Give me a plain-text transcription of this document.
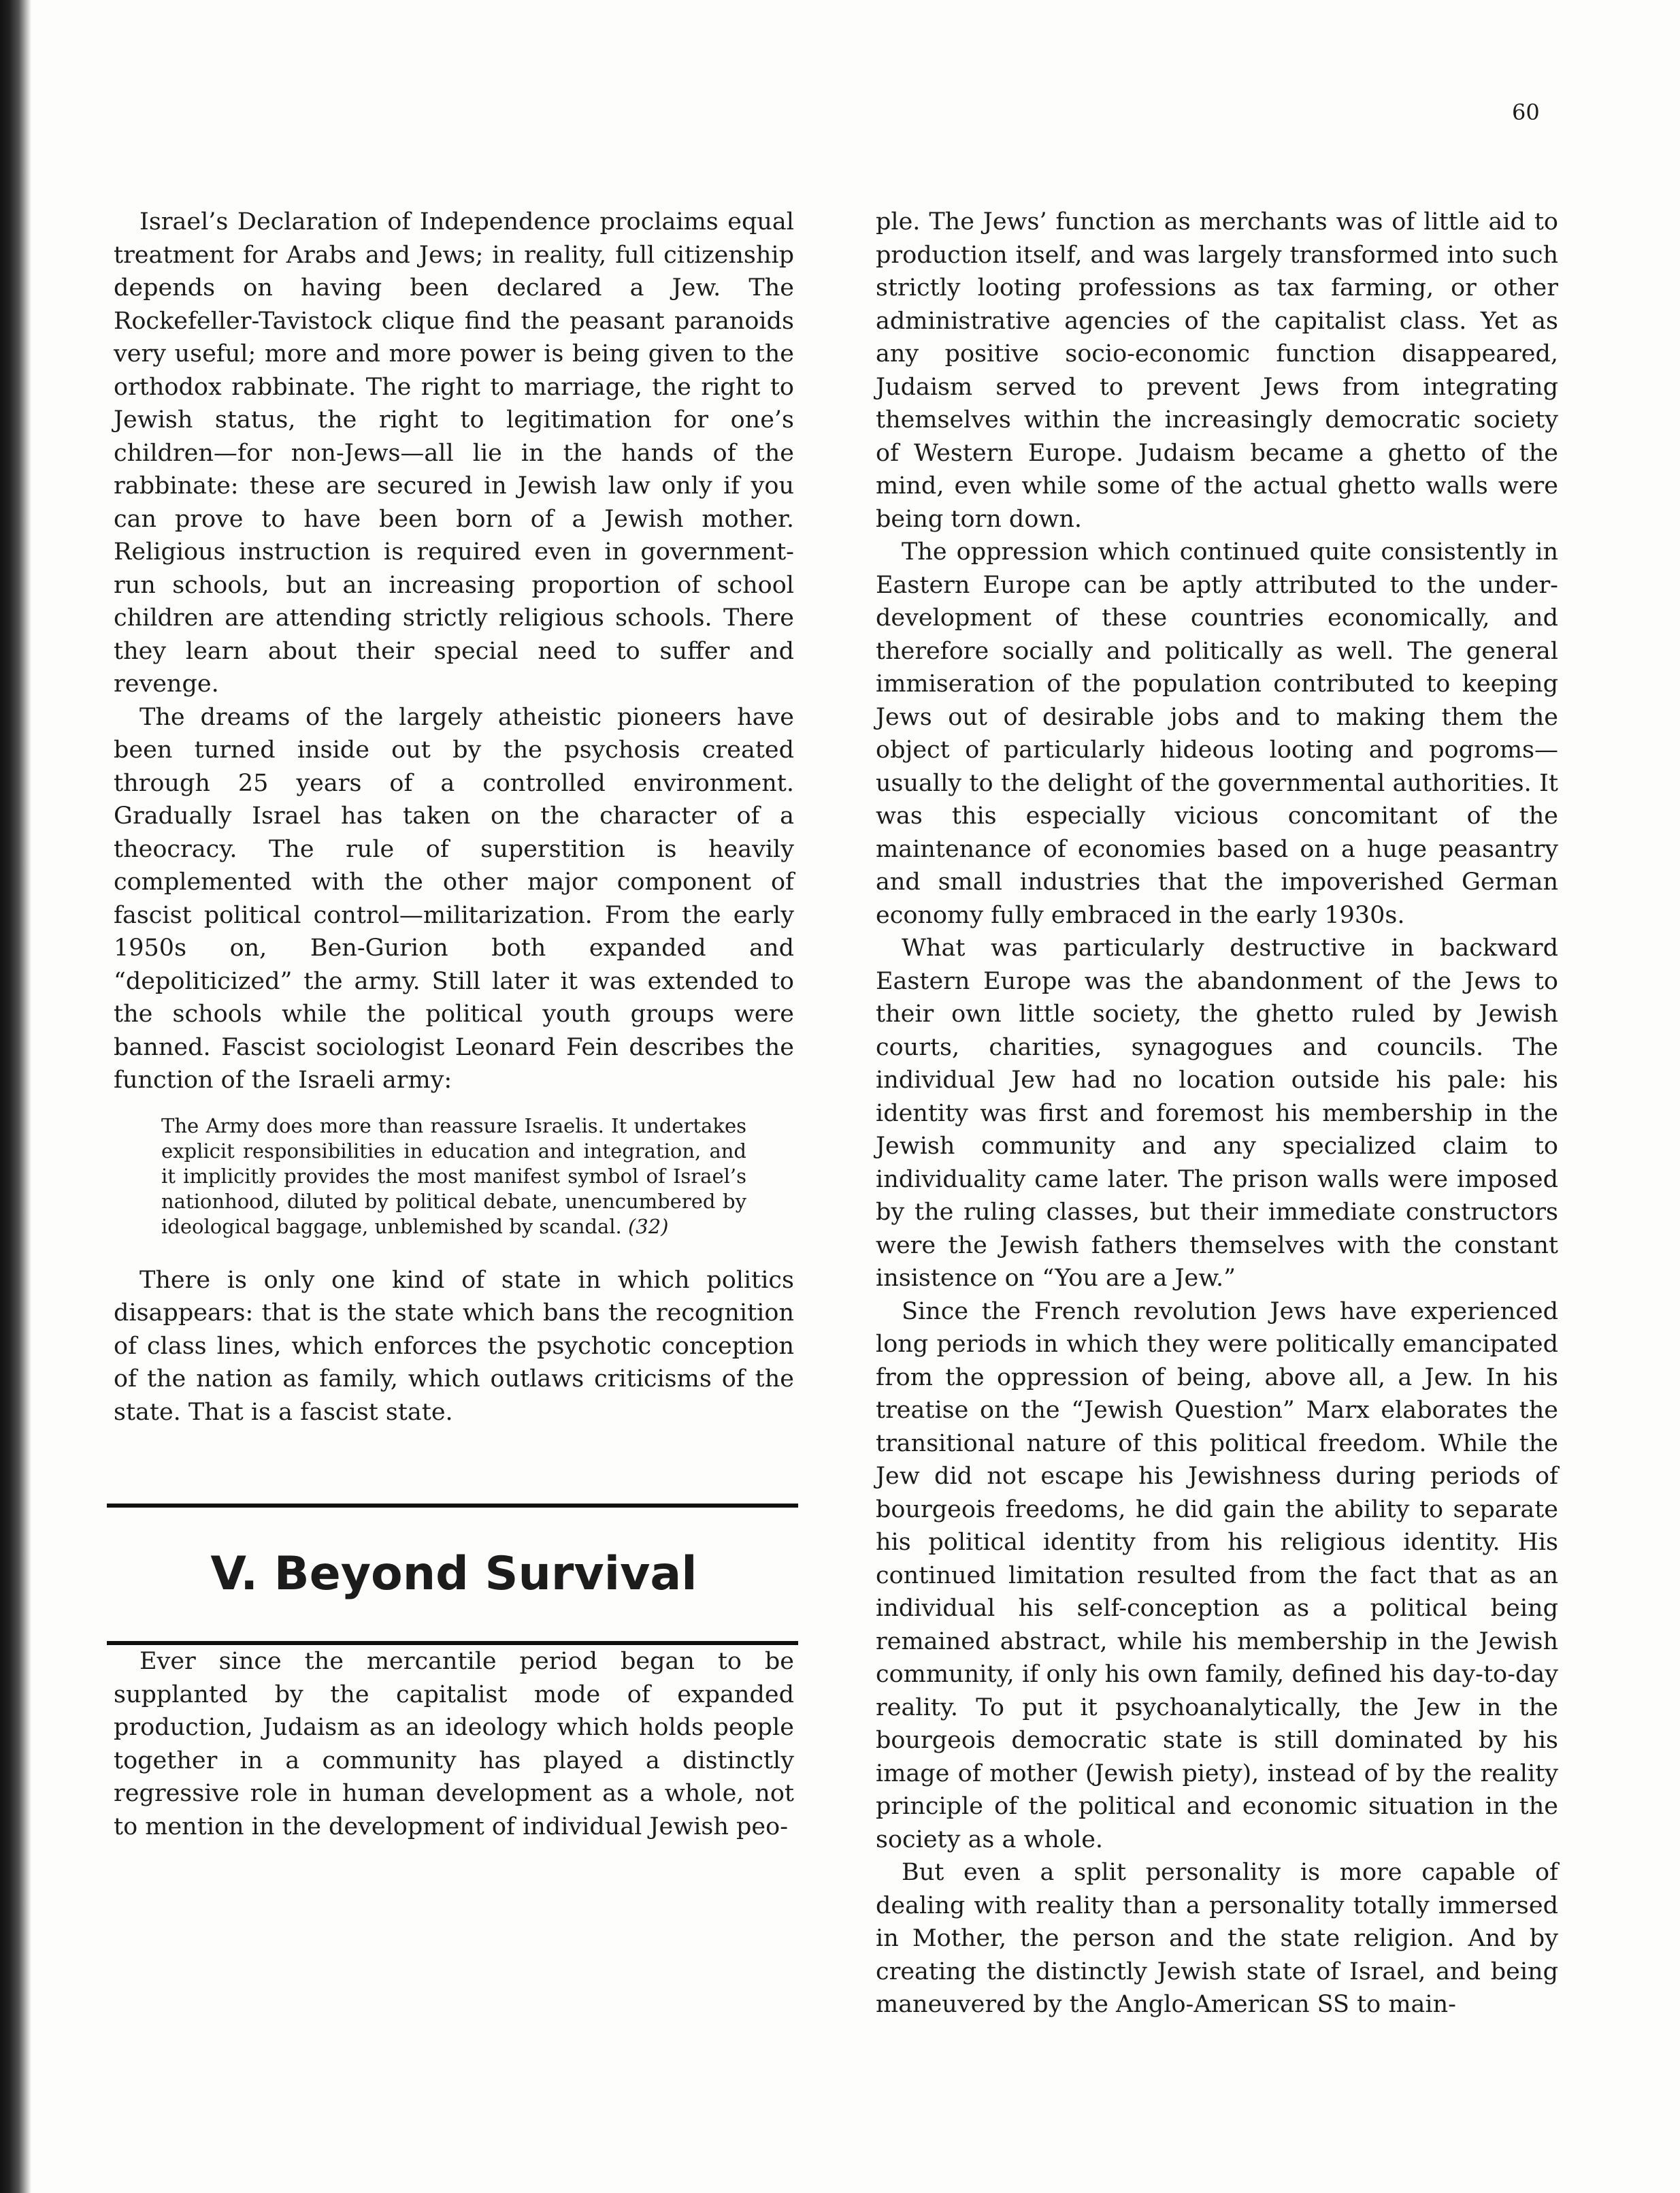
60

Israel’s Declaration of Independence proclaims equal treatment for Arabs and Jews; in reality, full citizenship depends on having been declared a Jew. The Rockefeller-Tavistock clique find the peasant paranoids very useful; more and more power is being given to the orthodox rabbinate. The right to marriage, the right to Jewish status, the right to legitimation for one’s children—for non-Jews—all lie in the hands of the rabbinate: these are secured in Jewish law only if you can prove to have been born of a Jewish mother. Religious instruction is required even in government-run schools, but an increasing proportion of school children are attending strictly religious schools. There they learn about their special need to suffer and revenge.

The dreams of the largely atheistic pioneers have been turned inside out by the psychosis created through 25 years of a controlled environment. Gradually Israel has taken on the character of a theocracy. The rule of superstition is heavily complemented with the other major component of fascist political control—militarization. From the early 1950s on, Ben-Gurion both expanded and “depoliticized” the army. Still later it was extended to the schools while the political youth groups were banned. Fascist sociologist Leonard Fein describes the function of the Israeli army:

The Army does more than reassure Israelis. It undertakes explicit responsibilities in education and integration, and it implicitly provides the most manifest symbol of Israel’s nationhood, diluted by political debate, unencumbered by ideological baggage, unblemished by scandal. (32)

There is only one kind of state in which politics disappears: that is the state which bans the recognition of class lines, which enforces the psychotic conception of the nation as family, which outlaws criticisms of the state. That is a fascist state.

V. Beyond Survival

Ever since the mercantile period began to be supplanted by the capitalist mode of expanded production, Judaism as an ideology which holds people together in a community has played a distinctly regressive role in human development as a whole, not to mention in the development of individual Jewish peo-

ple. The Jews’ function as merchants was of little aid to production itself, and was largely transformed into such strictly looting professions as tax farming, or other administrative agencies of the capitalist class. Yet as any positive socio-economic function disappeared, Judaism served to prevent Jews from integrating themselves within the increasingly democratic society of Western Europe. Judaism became a ghetto of the mind, even while some of the actual ghetto walls were being torn down.

The oppression which continued quite consistently in Eastern Europe can be aptly attributed to the under-development of these countries economically, and therefore socially and politically as well. The general immiseration of the population contributed to keeping Jews out of desirable jobs and to making them the object of particularly hideous looting and pogroms—usually to the delight of the governmental authorities. It was this especially vicious concomitant of the maintenance of economies based on a huge peasantry and small industries that the impoverished German economy fully embraced in the early 1930s.

What was particularly destructive in backward Eastern Europe was the abandonment of the Jews to their own little society, the ghetto ruled by Jewish courts, charities, synagogues and councils. The individual Jew had no location outside his pale: his identity was first and foremost his membership in the Jewish community and any specialized claim to individuality came later. The prison walls were imposed by the ruling classes, but their immediate constructors were the Jewish fathers themselves with the constant insistence on “You are a Jew.”

Since the French revolution Jews have experienced long periods in which they were politically emancipated from the oppression of being, above all, a Jew. In his treatise on the “Jewish Question” Marx elaborates the transitional nature of this political freedom. While the Jew did not escape his Jewishness during periods of bourgeois freedoms, he did gain the ability to separate his political identity from his religious identity. His continued limitation resulted from the fact that as an individual his self-conception as a political being remained abstract, while his membership in the Jewish community, if only his own family, defined his day-to-day reality. To put it psychoanalytically, the Jew in the bourgeois democratic state is still dominated by his image of mother (Jewish piety), instead of by the reality principle of the political and economic situation in the society as a whole.

But even a split personality is more capable of dealing with reality than a personality totally immersed in Mother, the person and the state religion. And by creating the distinctly Jewish state of Israel, and being maneuvered by the Anglo-American SS to main-
